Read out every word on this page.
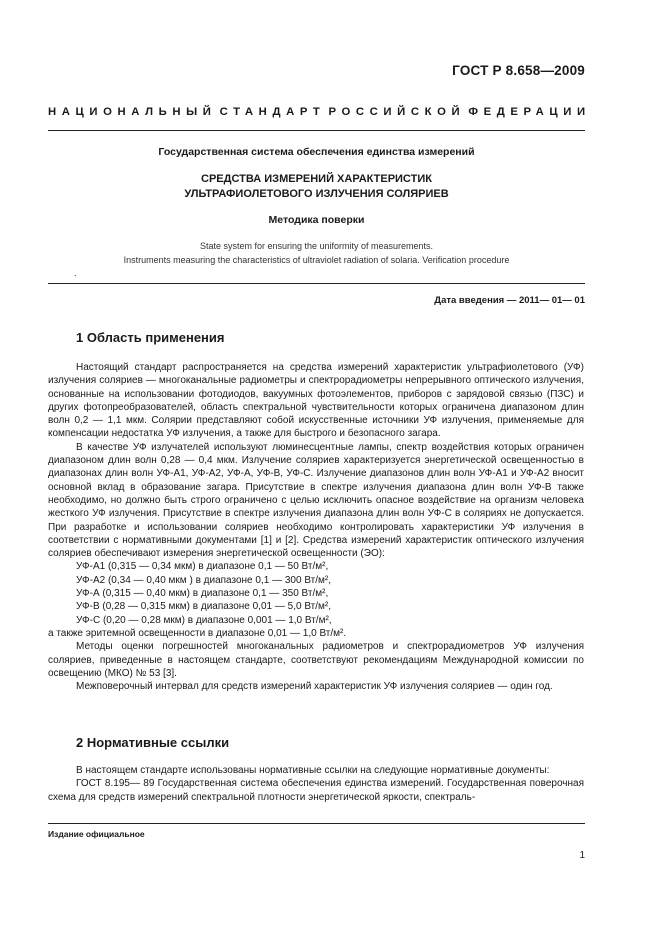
ГОСТ Р 8.658—2009
НАЦИОНАЛЬНЫЙ СТАНДАРТ РОССИЙСКОЙ ФЕДЕРАЦИИ
Государственная система обеспечения единства измерений
СРЕДСТВА ИЗМЕРЕНИЙ ХАРАКТЕРИСТИК
УЛЬТРАФИОЛЕТОВОГО ИЗЛУЧЕНИЯ СОЛЯРИЕВ
Методика поверки
State system for ensuring the uniformity of measurements.
Instruments measuring the characteristics of ultraviolet radiation of solaria. Verification procedure
.
Дата введения — 2011— 01— 01
1 Область применения

Настоящий стандарт распространяется на средства измерений характеристик ультрафиолетового (УФ) излучения соляриев — многоканальные радиометры и спектрорадиометры непрерывного оптического излучения, основанные на использовании фотодиодов, вакуумных фотоэлементов, приборов с зарядовой связью (ПЗС) и других фотопреобразователей, область спектральной чувствительности которых ограничена диапазоном длин волн 0,2 — 1,1 мкм. Солярии представляют собой искусственные источники УФ излучения, применяемые для компенсации недостатка УФ излучения, а также для быстрого и безопасного загара.

В качестве УФ излучателей используют люминесцентные лампы, спектр воздействия которых ограничен диапазоном длин волн 0,28 — 0,4 мкм. Излучение соляриев характеризуется энергетической освещенностью в диапазонах длин волн УФ-А1, УФ-А2, УФ-А, УФ-В, УФ-С. Излучение диапазонов длин волн УФ-А1 и УФ-А2 вносит основной вклад в образование загара. Присутствие в спектре излучения диапазона длин волн УФ-В также необходимо, но должно быть строго ограничено с целью исключить опасное воздействие на организм человека жесткого УФ излучения. Присутствие в спектре излучения диапазона длин волн УФ-С в соляриях не допускается. При разработке и использовании соляриев необходимо контролировать характеристики УФ излучения в соответствии с нормативными документами [1] и [2]. Средства измерений характеристик оптического излучения соляриев обеспечивают измерения энергетической освещенности (ЭО):

УФ-А1 (0,315 — 0,34 мкм) в диапазоне 0,1 — 50 Вт/м²,

УФ-А2 (0,34 — 0,40 мкм ) в диапазоне 0,1 — 300 Вт/м²,

УФ-А (0,315 — 0,40 мкм) в диапазоне 0,1 — 350 Вт/м²,

УФ-В (0,28 — 0,315 мкм) в диапазоне 0,01 — 5,0 Вт/м²,

УФ-С (0,20 — 0,28 мкм) в диапазоне 0,001 — 1,0 Вт/м²,

а также эритемной освещенности в диапазоне 0,01 — 1,0 Вт/м².

Методы оценки погрешностей многоканальных радиометров и спектрорадиометров УФ излучения соляриев, приведенные в настоящем стандарте, соответствуют рекомендациям Международной комиссии по освещению (МКО) № 53 [3].

Межповерочный интервал для средств измерений характеристик УФ излучения соляриев — один год.

2 Нормативные ссылки

В настоящем стандарте использованы нормативные ссылки на следующие нормативные документы:

ГОСТ 8.195— 89 Государственная система обеспечения единства измерений. Государственная поверочная схема для средств измерений спектральной плотности энергетической яркости, спектраль-

Издание официальное
1
